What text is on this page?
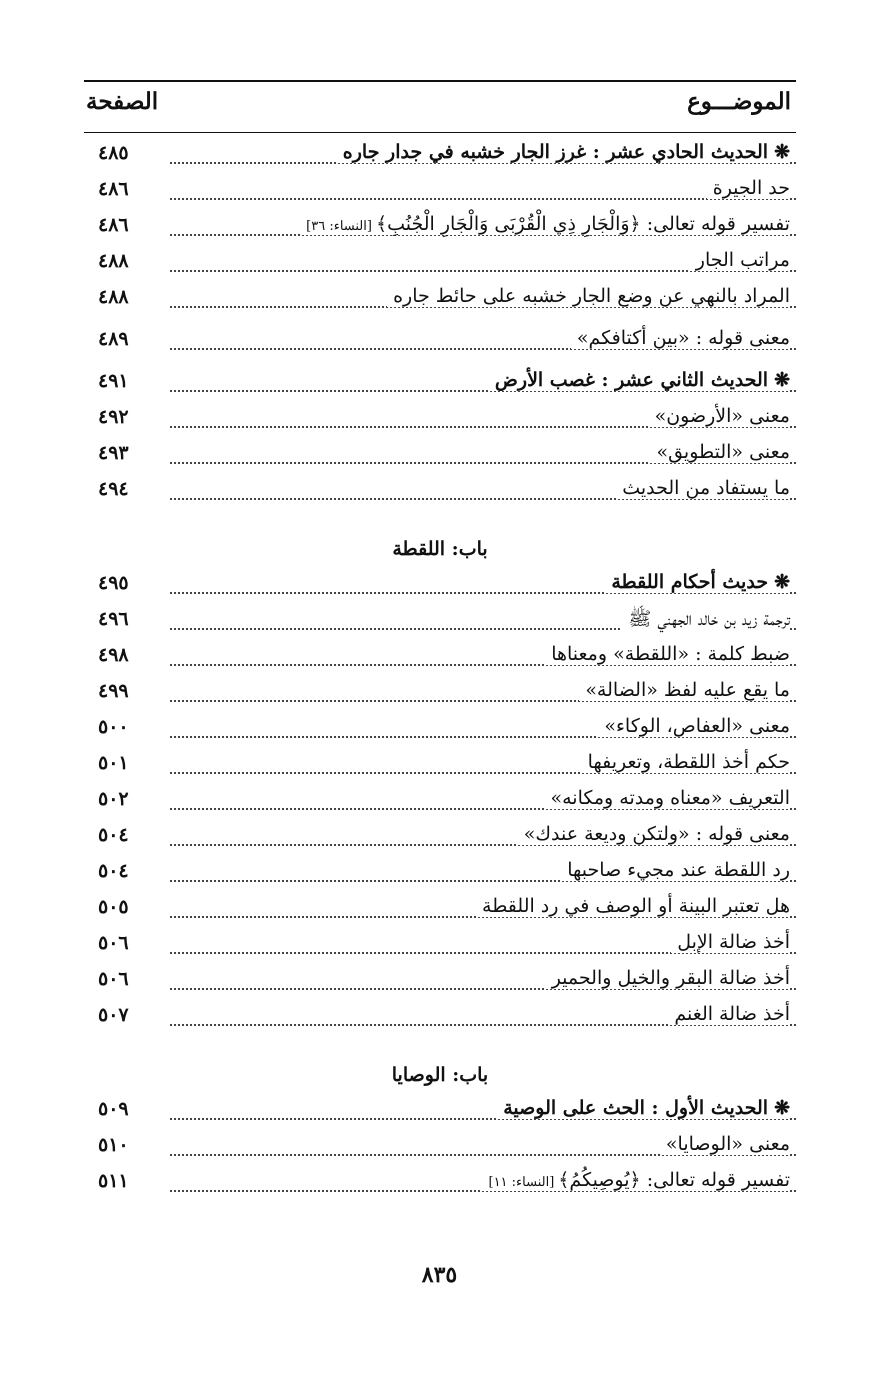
الموضـــوع
الصفحة
٤٨٥	❋الحديث الحادي عشر : غرز الجار خشبه في جدار جاره
٤٨٦	حد الجيرة
٤٨٦	تفسير قوله تعالى: ﴿وَالْجَارِ ذِي الْقُرْبَى وَالْجَارِ الْجُنُبِ﴾[النساء: ٣٦]
٤٨٨	مراتب الجار
٤٨٨	المراد بالنهي عن وضع الجار خشبه على حائط جاره
٤٨٩	معنى قوله : «بين أكتافكم»
٤٩١	❋الحديث الثاني عشر : غصب الأرض
٤٩٢	معنى «الأرضون»
٤٩٣	معنى «التطويق»
٤٩٤	ما يستفاد من الحديث
باب: اللقطة
٤٩٥	❋حديث أحكام اللقطة
٤٩٦	ترجمة زيد بن خالد الجهني ﷺ
٤٩٨	ضبط كلمة : «اللقطة» ومعناها
٤٩٩	ما يقع عليه لفظ «الضالة»
٥٠٠	معنى «العفاص، الوكاء»
٥٠١	حكم أخذ اللقطة، وتعريفها
٥٠٢	التعريف «معناه ومدته ومكانه»
٥٠٤	معنى قوله : «ولتكن وديعة عندك»
٥٠٤	رد اللقطة عند مجيء صاحبها
٥٠٥	هل تعتبر البينة أو الوصف في رد اللقطة
٥٠٦	أخذ ضالة الإبل
٥٠٦	أخذ ضالة البقر والخيل والحمير
٥٠٧	أخذ ضالة الغنم
باب: الوصايا
٥٠٩	❋الحديث الأول : الحث على الوصية
٥١٠	معنى «الوصايا»
٥١١	تفسير قوله تعالى: ﴿يُوصِيكُمُ﴾[النساء: ١١]
٨٣٥
